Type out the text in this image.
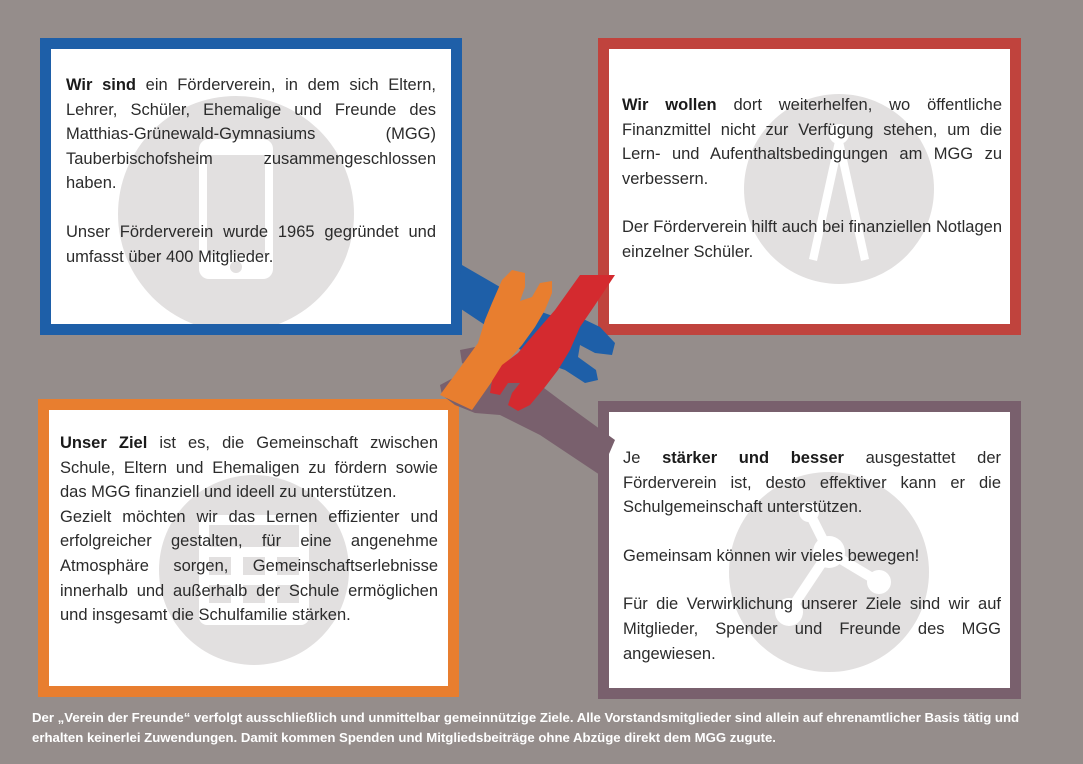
Wir sind ein Förderverein, in dem sich Eltern, Lehrer, Schüler, Ehemalige und Freunde des Matthias-Grünewald-Gymnasiums (MGG) Tauberbischofsheim zusammengeschlossen haben.

Unser Förderverein wurde 1965 gegründet und umfasst über 400 Mitglieder.

Wir wollen dort weiterhelfen, wo öffentliche Finanzmittel nicht zur Verfügung stehen, um die Lern- und Aufenthaltsbedingungen am MGG zu verbessern.

Der Förderverein hilft auch bei finanziellen Notlagen einzelner Schüler.

Unser Ziel ist es, die Gemeinschaft zwischen Schule, Eltern und Ehemaligen zu fördern sowie das MGG finanziell und ideell zu unterstützen.

Gezielt möchten wir das Lernen effizienter und erfolgreicher gestalten, für eine angenehme Atmosphäre sorgen, Gemeinschaftserlebnisse innerhalb und außerhalb der Schule ermöglichen und insgesamt die Schulfamilie stärken.

Je stärker und besser ausgestattet der Förderverein ist, desto effektiver kann er die Schulgemeinschaft unterstützen.

Gemeinsam können wir vieles bewegen!

Für die Verwirklichung unserer Ziele sind wir auf Mitglieder, Spender und Freunde des MGG angewiesen.

Der „Verein der Freunde“ verfolgt ausschließlich und unmittelbar gemeinnützige Ziele. Alle Vorstandsmitglieder sind allein auf ehrenamtlicher Basis tätig und erhalten keinerlei Zuwendungen. Damit kommen Spenden und Mitgliedsbeiträge ohne Abzüge direkt dem MGG zugute.
